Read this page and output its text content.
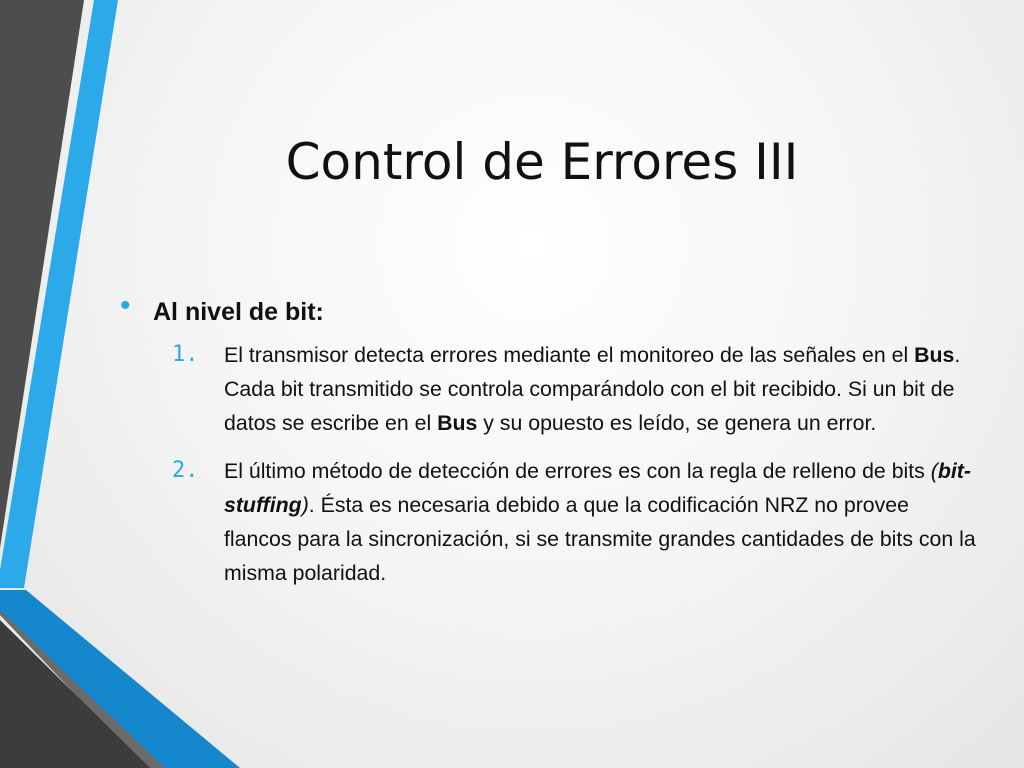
Control de Errores III
• Al nivel de bit:
1. El transmisor detecta errores mediante el monitoreo de las señales en el Bus. Cada bit transmitido se controla comparándolo con el bit recibido. Si un bit de datos se escribe en el Bus y su opuesto es leído, se genera un error.
2. El último método de detección de errores es con la regla de relleno de bits (bit-stuffing). Ésta es necesaria debido a que la codificación NRZ no provee flancos para la sincronización, si se transmite grandes cantidades de bits con la misma polaridad.
